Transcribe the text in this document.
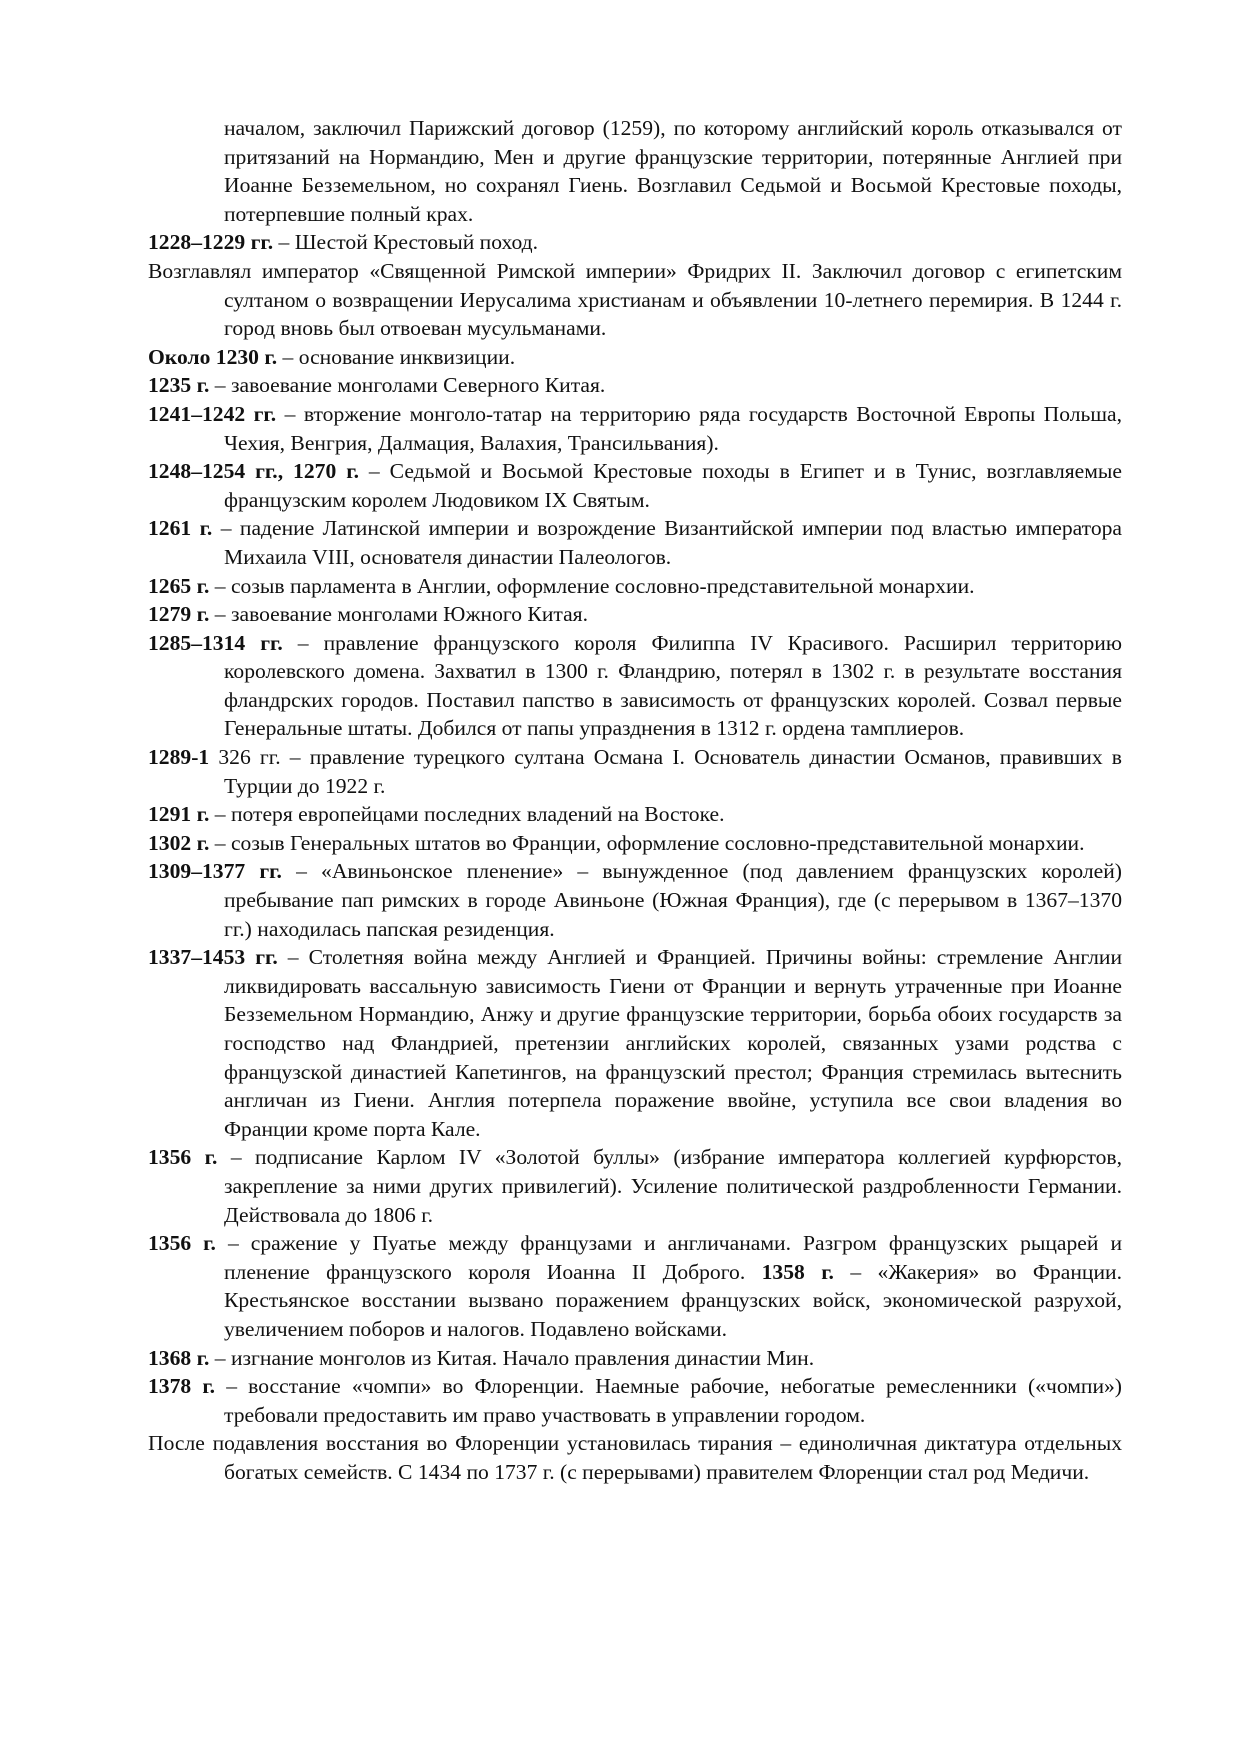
началом, заключил Парижский договор (1259), по которому английский король отказывался от притязаний на Нормандию, Мен и другие французские территории, потерянные Англией при Иоанне Безземельном, но сохранял Гиень. Возглавил Седьмой и Восьмой Крестовые походы, потерпевшие полный крах.

1228–1229 гг. – Шестой Крестовый поход.

Возглавлял император «Священной Римской империи» Фридрих II. Заключил договор с египетским султаном о возвращении Иерусалима христианам и объявлении 10-летнего перемирия. В 1244 г. город вновь был отвоеван мусульманами.

Около 1230 г. – основание инквизиции.

1235 г. – завоевание монголами Северного Китая.

1241–1242 гг. – вторжение монголо-татар на территорию ряда государств Восточной Европы Польша, Чехия, Венгрия, Далмация, Валахия, Трансильвания).

1248–1254 гг., 1270 г. – Седьмой и Восьмой Крестовые походы в Египет и в Тунис, возглавляемые французским королем Людовиком IX Святым.

1261 г. – падение Латинской империи и возрождение Византийской империи под властью императора Михаила VIII, основателя династии Палеологов.

1265 г. – созыв парламента в Англии, оформление сословно-представительной монархии.

1279 г. – завоевание монголами Южного Китая.

1285–1314 гг. – правление французского короля Филиппа IV Красивого. Расширил территорию королевского домена. Захватил в 1300 г. Фландрию, потерял в 1302 г. в результате восстания фландрских городов. Поставил папство в зависимость от французских королей. Созвал первые Генеральные штаты. Добился от папы упразднения в 1312 г. ордена тамплиеров.

1289-1 326 гг. – правление турецкого султана Османа I. Основатель династии Османов, правивших в Турции до 1922 г.

1291 г. – потеря европейцами последних владений на Востоке.

1302 г. – созыв Генеральных штатов во Франции, оформление сословно-представительной монархии.

1309–1377 гг. – «Авиньонское пленение» – вынужденное (под давлением французских королей) пребывание пап римских в городе Авиньоне (Южная Франция), где (с перерывом в 1367–1370 гг.) находилась папская резиденция.

1337–1453 гг. – Столетняя война между Англией и Францией. Причины войны: стремление Англии ликвидировать вассальную зависимость Гиени от Франции и вернуть утраченные при Иоанне Безземельном Нормандию, Анжу и другие французские территории, борьба обоих государств за господство над Фландрией, претензии английских королей, связанных узами родства с французской династией Капетингов, на французский престол; Франция стремилась вытеснить англичан из Гиени. Англия потерпела поражение ввойне, уступила все свои владения во Франции кроме порта Кале.

1356 г. – подписание Карлом IV «Золотой буллы» (избрание императора коллегией курфюрстов, закрепление за ними других привилегий). Усиление политической раздробленности Германии. Действовала до 1806 г.

1356 г. – сражение у Пуатье между французами и англичанами. Разгром французских рыцарей и пленение французского короля Иоанна II Доброго. 1358 г. – «Жакерия» во Франции. Крестьянское восстании вызвано поражением французских войск, экономической разрухой, увеличением поборов и налогов. Подавлено войсками.

1368 г. – изгнание монголов из Китая. Начало правления династии Мин.

1378 г. – восстание «чомпи» во Флоренции. Наемные рабочие, небогатые ремесленники («чомпи») требовали предоставить им право участвовать в управлении городом.

После подавления восстания во Флоренции установилась тирания – единоличная диктатура отдельных богатых семейств. С 1434 по 1737 г. (с перерывами) правителем Флоренции стал род Медичи.
